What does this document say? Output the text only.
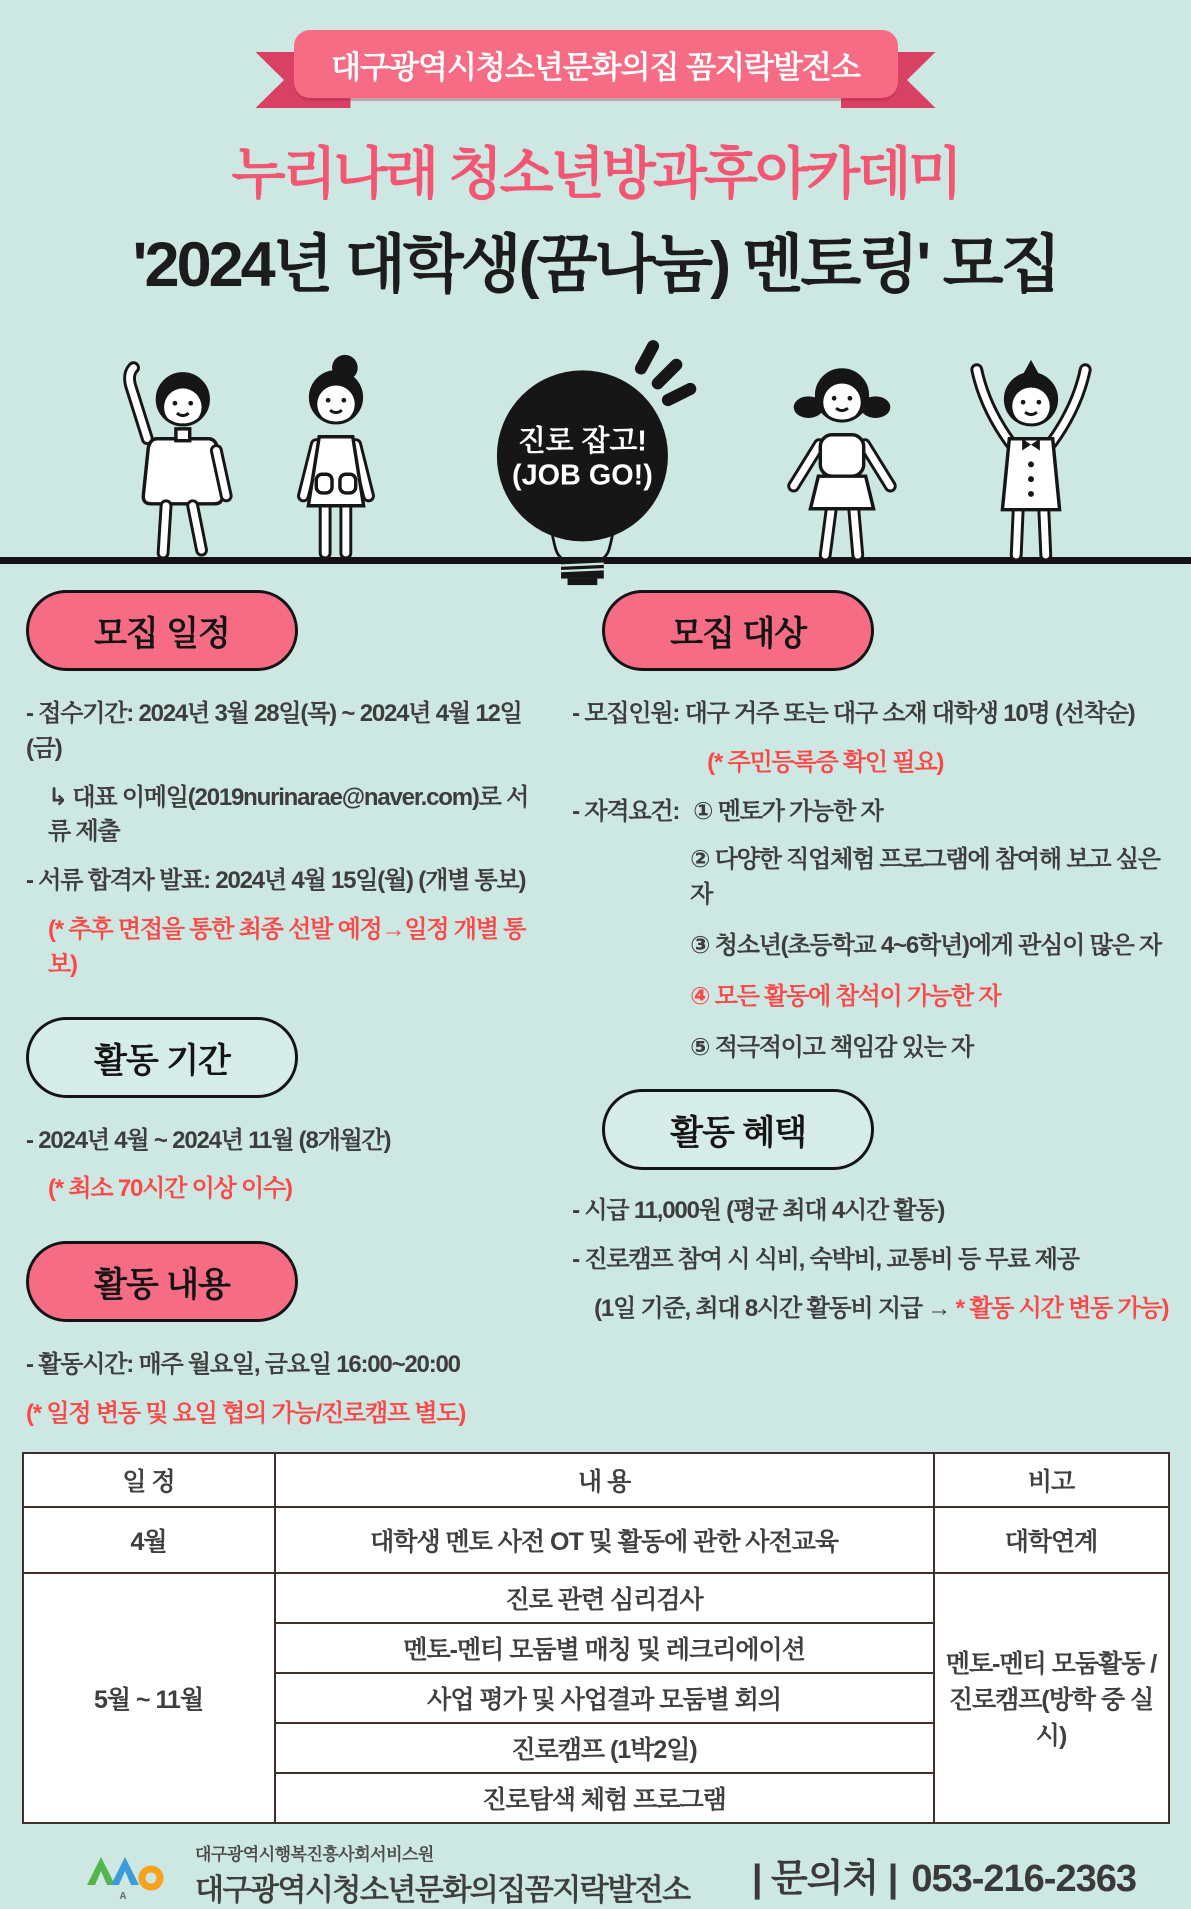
대구광역시청소년문화의집 꼼지락발전소
누리나래 청소년방과후아카데미
'2024년 대학생(꿈나눔) 멘토링' 모집
진로 잡고!
(JOB GO!)
모집 일정

- 접수기간: 2024년 3월 28일(목) ~ 2024년 4월 12일(금)

↳ 대표 이메일(2019nurinarae@naver.com)로 서류 제출

- 서류 합격자 발표: 2024년 4월 15일(월) (개별 통보)

(* 추후 면접을 통한 최종 선발 예정→일정 개별 통보)

활동 기간

- 2024년 4월 ~ 2024년 11월 (8개월간)

(* 최소 70시간 이상 이수)

활동 내용

- 활동시간: 매주 월요일, 금요일 16:00~20:00

(* 일정 변동 및 요일 협의 가능/진로캠프 별도)

모집 대상

- 모집인원: 대구 거주 또는 대구 소재 대학생 10명 (선착순)

(* 주민등록증 확인 필요)

- 자격요건: ① 멘토가 가능한 자

② 다양한 직업체험 프로그램에 참여해 보고 싶은 자

③ 청소년(초등학교 4~6학년)에게 관심이 많은 자

④ 모든 활동에 참석이 가능한 자

⑤ 적극적이고 책임감 있는 자

활동 혜택

- 시급 11,000원 (평균 최대 4시간 활동)

- 진로캠프 참여 시 식비, 숙박비, 교통비 등 무료 제공

(1일 기준, 최대 8시간 활동비 지급 → * 활동 시간 변동 가능)

일 정	내 용	비고
4월	대학생 멘토 사전 OT 및 활동에 관한 사전교육	대학연계
5월 ~ 11월	진로 관련 심리검사	멘토-멘티 모둠활동 / 진로캠프(방학 중 실시)
	멘토-멘티 모둠별 매칭 및 레크리에이션	
	사업 평가 및 사업결과 모둠별 회의	
	진로캠프 (1박2일)	
	진로탐색 체험 프로그램	
A
대구광역시행복진흥사회서비스원
대구광역시청소년문화의집꼼지락발전소 | 문의처 | 053-216-2363
